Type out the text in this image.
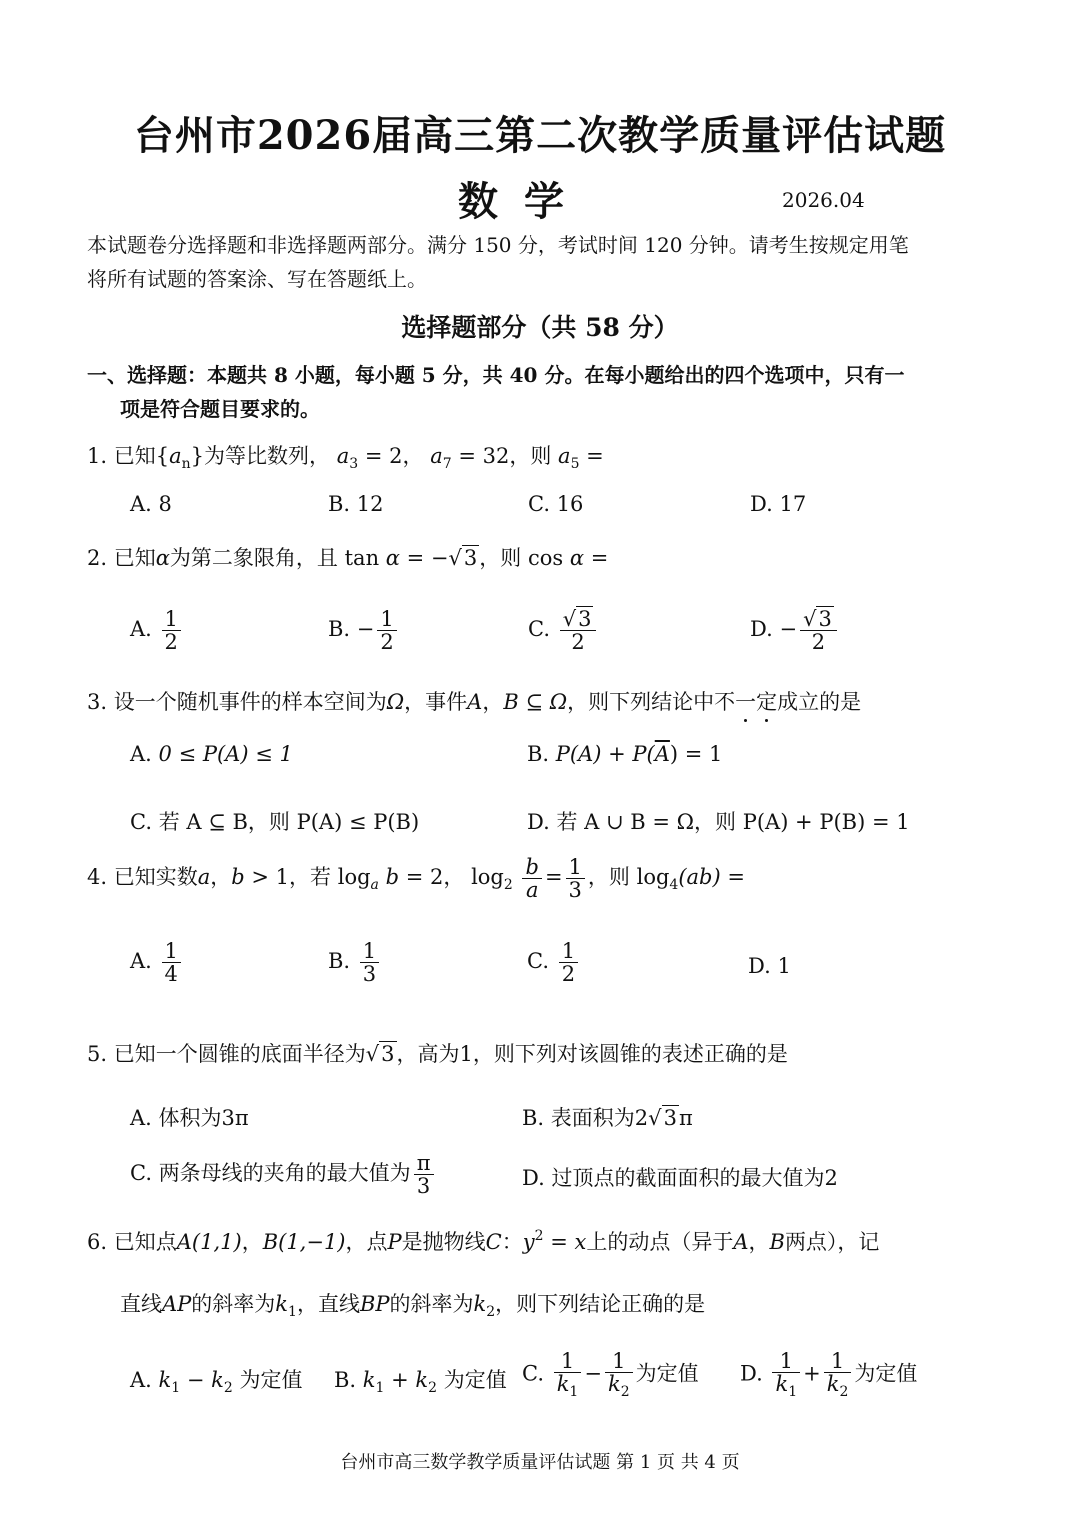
台州市2026届高三第二次教学质量评估试题
数学	2026.04
本试题卷分选择题和非选择题两部分。满分 150 分，考试时间 120 分钟。请考生按规定用笔
将所有试题的答案涂、写在答题纸上。
选择题部分（共 58 分）
一、选择题：本题共 8 小题，每小题 5 分，共 40 分。在每小题给出的四个选项中，只有一
项是符合题目要求的。
1. 已知$\{a_n\}$为等比数列， $a_3 = 2$， $a_7 = 32$，则 $a_5$ =
A. 8	B. 12	C. 16	D. 17
2. 已知α为第二象限角，且 tan α = −√3，则 cos α =
A. $\frac{1}{2}$	B. − $\frac{1}{2}$	C. $\frac{√3}{2}$	D. − $\frac{√3}{2}$
3. 设一个随机事件的样本空间为Ω，事件A，B ⊆ Ω，则下列结论中不一定成立的是
A. 0 ≤ P(A) ≤ 1	B. $P(A) + P(\overline{A}) = 1$
C. 若 A ⊆ B，则 P(A) ≤ P(B)	D. 若 A ∪ B = Ω，则 P(A) + P(B) = 1
4. 已知实数a，b > 1，若 $\log_a b = 2$， $\log_2 \frac{b}{a} = \frac{1}{3}$ ，则 $\log_4(ab)$ =
A. $\frac{1}{4}$	B. $\frac{1}{3}$	C. $\frac{1}{2}$	D. 1
5. 已知一个圆锥的底面半径为√3，高为1，则下列对该圆锥的表述正确的是
A. 体积为3π	B. 表面积为2√3π
C. 两条母线的夹角的最大值为 $\frac{\pi}{3}$	D. 过顶点的截面面积的最大值为2
6. 已知点A(1,1)，B(1,−1)，点P是抛物线C：$y^2 = x$上的动点（异于A，B两点），记
直线AP的斜率为$k_1$，直线BP的斜率为$k_2$，则下列结论正确的是
A. $k_1 - k_2$ 为定值 B. $k_1 + k_2$ 为定值 C. $\frac{1}{k_1} - \frac{1}{k_2}$ 为定值 D. $\frac{1}{k_1} + \frac{1}{k_2}$ 为定值
台州市高三数学教学质量评估试题 第 1 页 共 4 页
